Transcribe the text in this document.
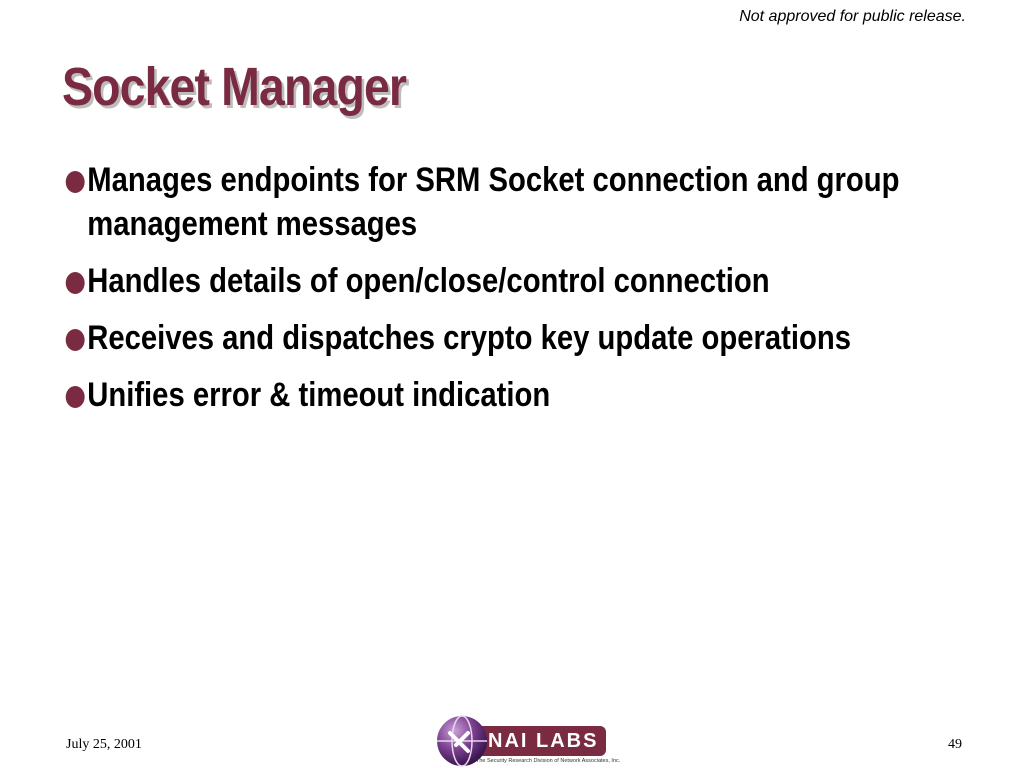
Not approved for public release.
Socket Manager
Manages endpoints for SRM Socket connection and group management messages
Handles details of open/close/control connection
Receives and dispatches crypto key update operations
Unifies error & timeout indication
July 25, 2001	NAI LABS
The Security Research Division of Network Associates, Inc.
49
